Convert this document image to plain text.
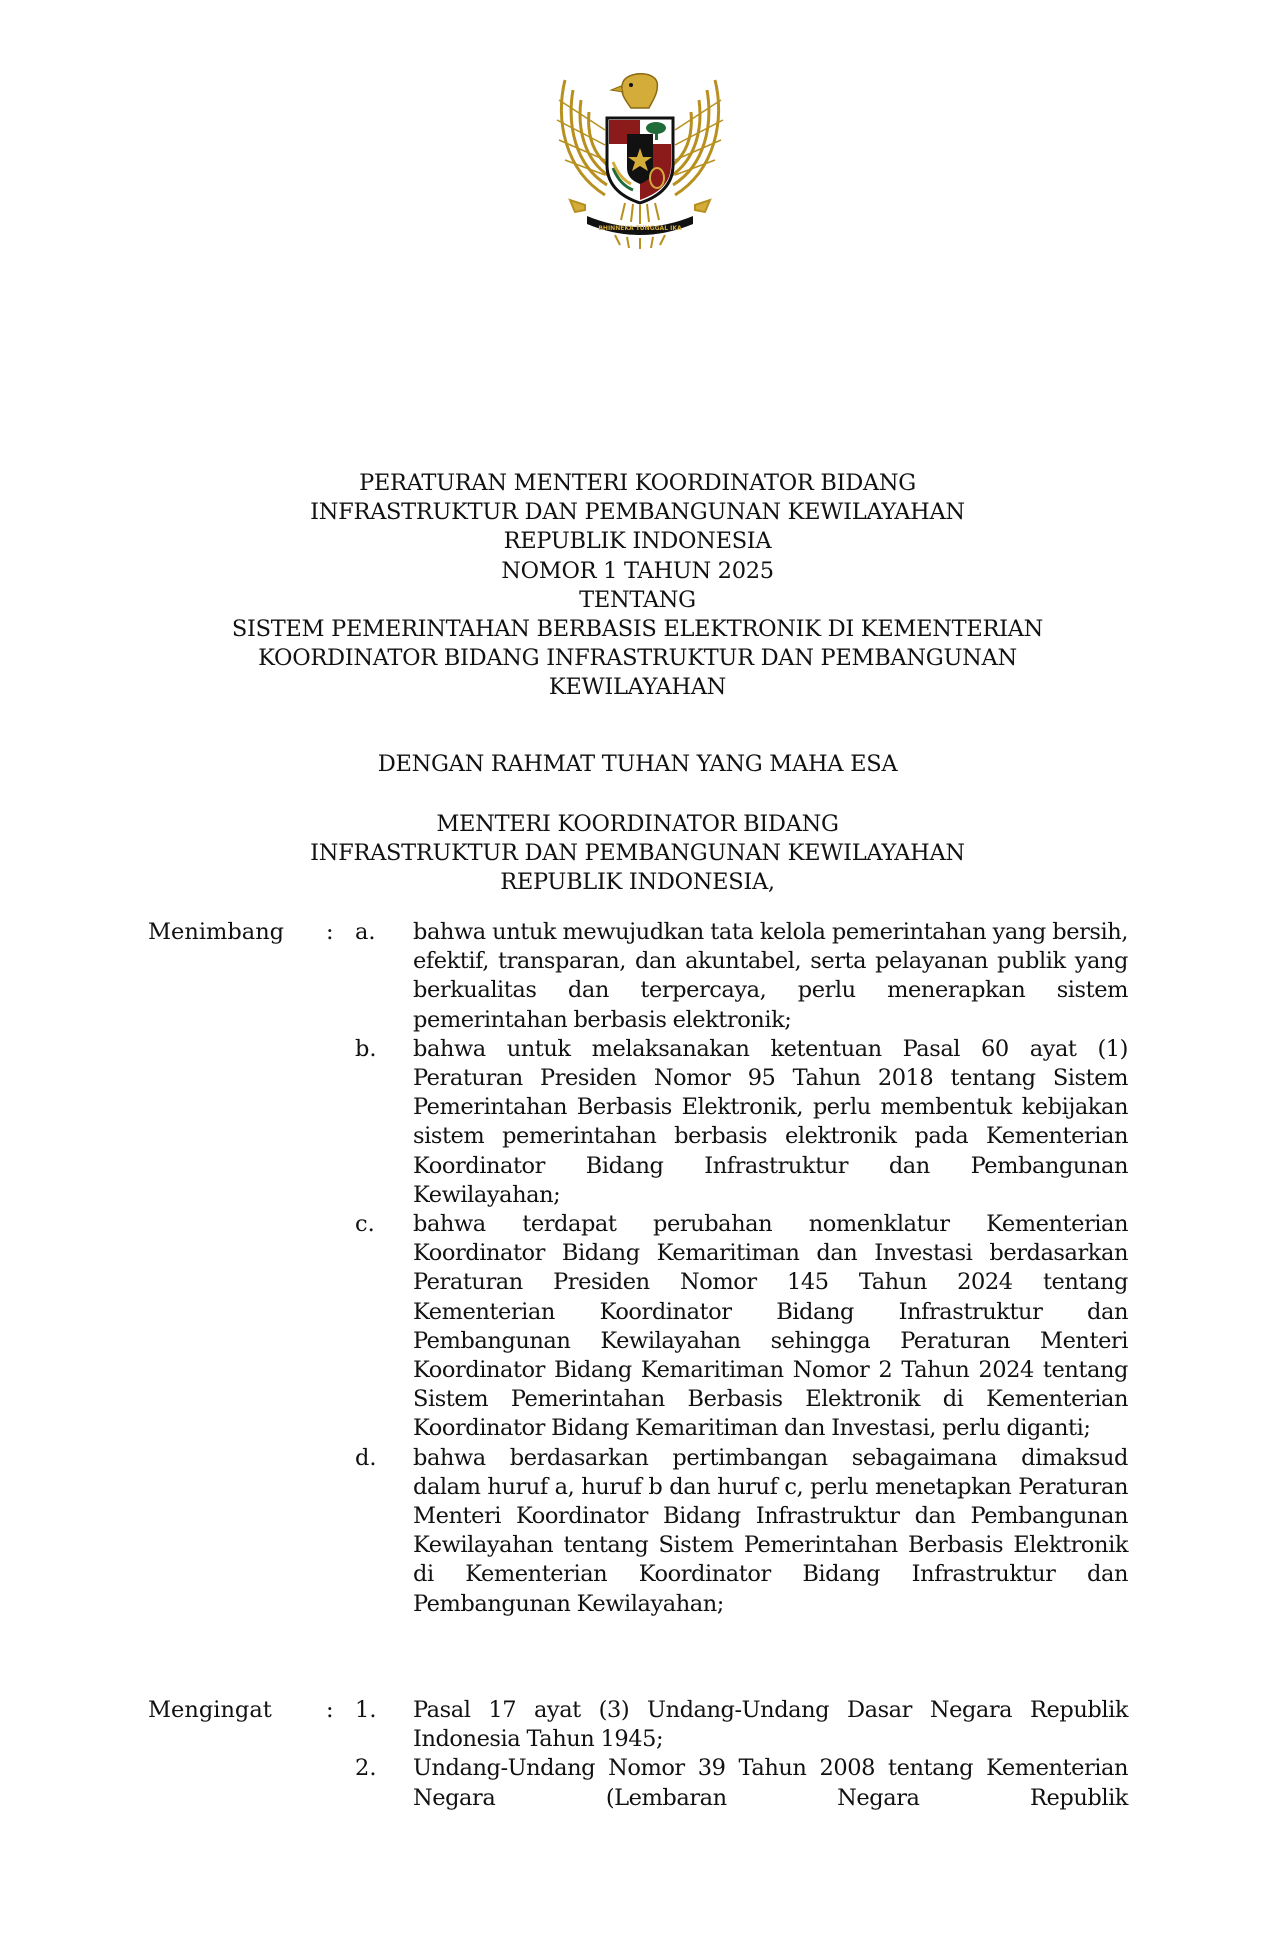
BHINNEKA TUNGGAL IKA
PERATURAN MENTERI KOORDINATOR BIDANG
INFRASTRUKTUR DAN PEMBANGUNAN KEWILAYAHAN
REPUBLIK INDONESIA
NOMOR 1 TAHUN 2025
TENTANG
SISTEM PEMERINTAHAN BERBASIS ELEKTRONIK DI KEMENTERIAN
KOORDINATOR BIDANG INFRASTRUKTUR DAN PEMBANGUNAN
KEWILAYAHAN
DENGAN RAHMAT TUHAN YANG MAHA ESA
MENTERI KOORDINATOR BIDANG
INFRASTRUKTUR DAN PEMBANGUNAN KEWILAYAHAN
REPUBLIK INDONESIA,
Menimbang : a. bahwa untuk mewujudkan tata kelola pemerintahan yang bersih, efektif, transparan, dan akuntabel, serta pelayanan publik yang berkualitas dan terpercaya, perlu menerapkan sistem pemerintahan berbasis elektronik;
b. bahwa untuk melaksanakan ketentuan Pasal 60 ayat (1) Peraturan Presiden Nomor 95 Tahun 2018 tentang Sistem Pemerintahan Berbasis Elektronik, perlu membentuk kebijakan sistem pemerintahan berbasis elektronik pada Kementerian Koordinator Bidang Infrastruktur dan Pembangunan Kewilayahan;
c. bahwa terdapat perubahan nomenklatur Kementerian Koordinator Bidang Kemaritiman dan Investasi berdasarkan Peraturan Presiden Nomor 145 Tahun 2024 tentang Kementerian Koordinator Bidang Infrastruktur dan Pembangunan Kewilayahan sehingga Peraturan Menteri Koordinator Bidang Kemaritiman Nomor 2 Tahun 2024 tentang Sistem Pemerintahan Berbasis Elektronik di Kementerian Koordinator Bidang Kemaritiman dan Investasi, perlu diganti;
d. bahwa berdasarkan pertimbangan sebagaimana dimaksud dalam huruf a, huruf b dan huruf c, perlu menetapkan Peraturan Menteri Koordinator Bidang Infrastruktur dan Pembangunan Kewilayahan tentang Sistem Pemerintahan Berbasis Elektronik di Kementerian Koordinator Bidang Infrastruktur dan Pembangunan Kewilayahan;
Mengingat : 1. Pasal 17 ayat (3) Undang-Undang Dasar Negara Republik Indonesia Tahun 1945;
2. Undang-Undang Nomor 39 Tahun 2008 tentang Kementerian Negara (Lembaran Negara Republik
